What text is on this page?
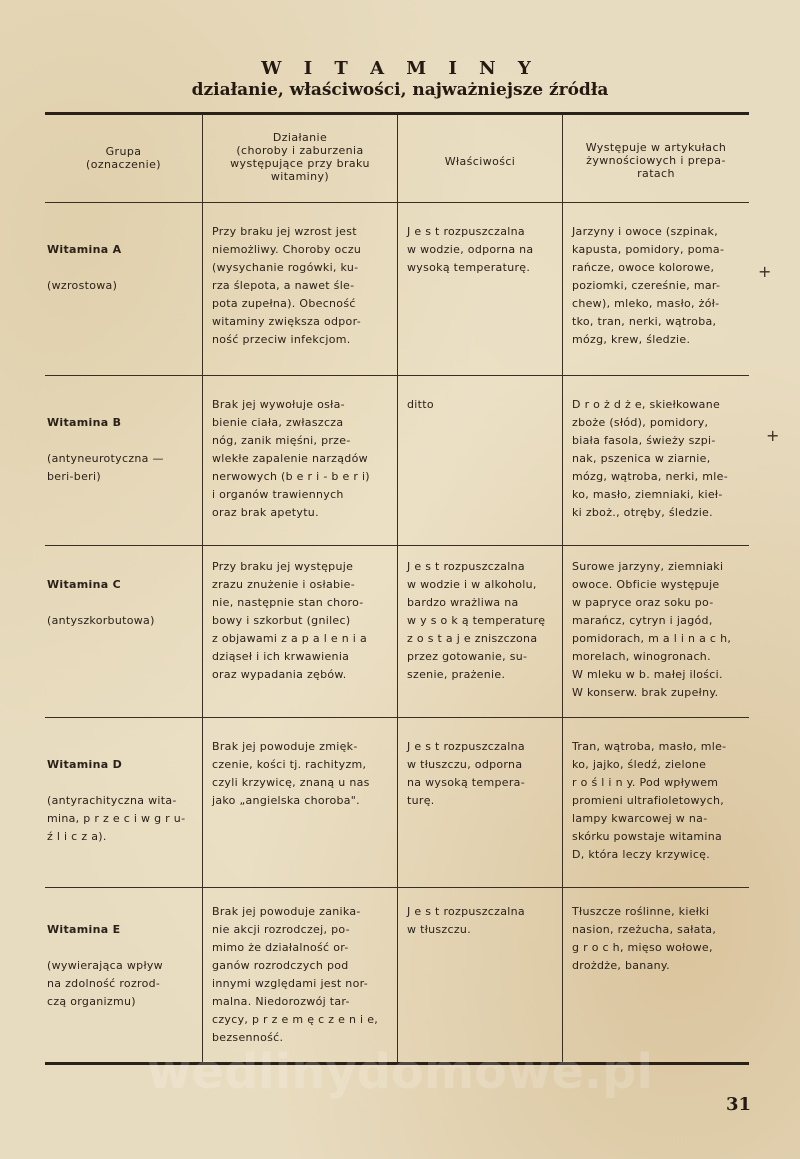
W I T A M I N Y
działanie, właściwości, najważniejsze źródła
Grupa
(oznaczenie)
Działanie
(choroby i zaburzenia
występujące przy braku
witaminy)
Właściwości
Występuje w artykułach
żywnościowych i prepa-
ratach

Witamina A

(wzrostowa)

Przy braku jej wzrost jest
niemożliwy. Choroby oczu
(wysychanie rogówki, ku-
rza ślepota, a nawet śle-
pota zupełna). Obecność
witaminy zwiększa odpor-
ność przeciw infekcjom.
J e s t rozpuszczalna
w wodzie, odporna na
wysoką temperaturę.
Jarzyny i owoce (szpinak,
kapusta, pomidory, poma-
rańcze, owoce kolorowe,
poziomki, czereśnie, mar-
chew), mleko, masło, żół-
tko, tran, nerki, wątroba,
mózg, krew, śledzie.

Witamina B

(antyneurotyczna —
beri-beri)

Brak jej wywołuje osła-
bienie ciała, zwłaszcza
nóg, zanik mięśni, prze-
wlekłe zapalenie narządów
nerwowych (b e r i - b e r i)
i organów trawiennych
oraz brak apetytu.
ditto	D r o ż d ż e, skiełkowane
zboże (słód), pomidory,
biała fasola, świeży szpi-
nak, pszenica w ziarnie,
mózg, wątroba, nerki, mle-
ko, masło, ziemniaki, kieł-
ki zboż., otręby, śledzie.

Witamina C

(antyszkorbutowa)

Przy braku jej występuje
zrazu znużenie i osłabie-
nie, następnie stan choro-
bowy i szkorbut (gnilec)
z objawami z a p a l e n i a
dziąseł i ich krwawienia
oraz wypadania zębów.
J e s t rozpuszczalna
w wodzie i w alkoholu,
bardzo wrażliwa na
w y s o k ą temperaturę
z o s t a j e zniszczona
przez gotowanie, su-
szenie, prażenie.
Surowe jarzyny, ziemniaki
owoce. Obficie występuje
w papryce oraz soku po-
marańcz, cytryn i jagód,
pomidorach, m a l i n a c h,
morelach, winogronach.
W mleku w b. małej ilości.
W konserw. brak zupełny.

Witamina D

(antyrachityczna wita-
mina, p r z e c i w g r u-
ź l i c z a).

Brak jej powoduje zmięk-
czenie, kości tj. rachityzm,
czyli krzywicę, znaną u nas
jako „angielska choroba".
J e s t rozpuszczalna
w tłuszczu, odporna
na wysoką tempera-
turę.
Tran, wątroba, masło, mle-
ko, jajko, śledź, zielone
r o ś l i n y. Pod wpływem
promieni ultrafioletowych,
lampy kwarcowej w na-
skórku powstaje witamina
D, która leczy krzywicę.

Witamina E

(wywierająca wpływ
na zdolność rozrod-
czą organizmu)

Brak jej powoduje zanika-
nie akcji rozrodczej, po-
mimo że działalność or-
ganów rozrodczych pod
innymi względami jest nor-
malna. Niedorozwój tar-
czycy, p r z e m ę c z e n i e,
bezsenność.
J e s t rozpuszczalna
w tłuszczu.
Tłuszcze roślinne, kiełki
nasion, rzeżucha, sałata,
g r o c h, mięso wołowe,
drożdże, banany.
+
+
31
wedlinydomowe.pl
